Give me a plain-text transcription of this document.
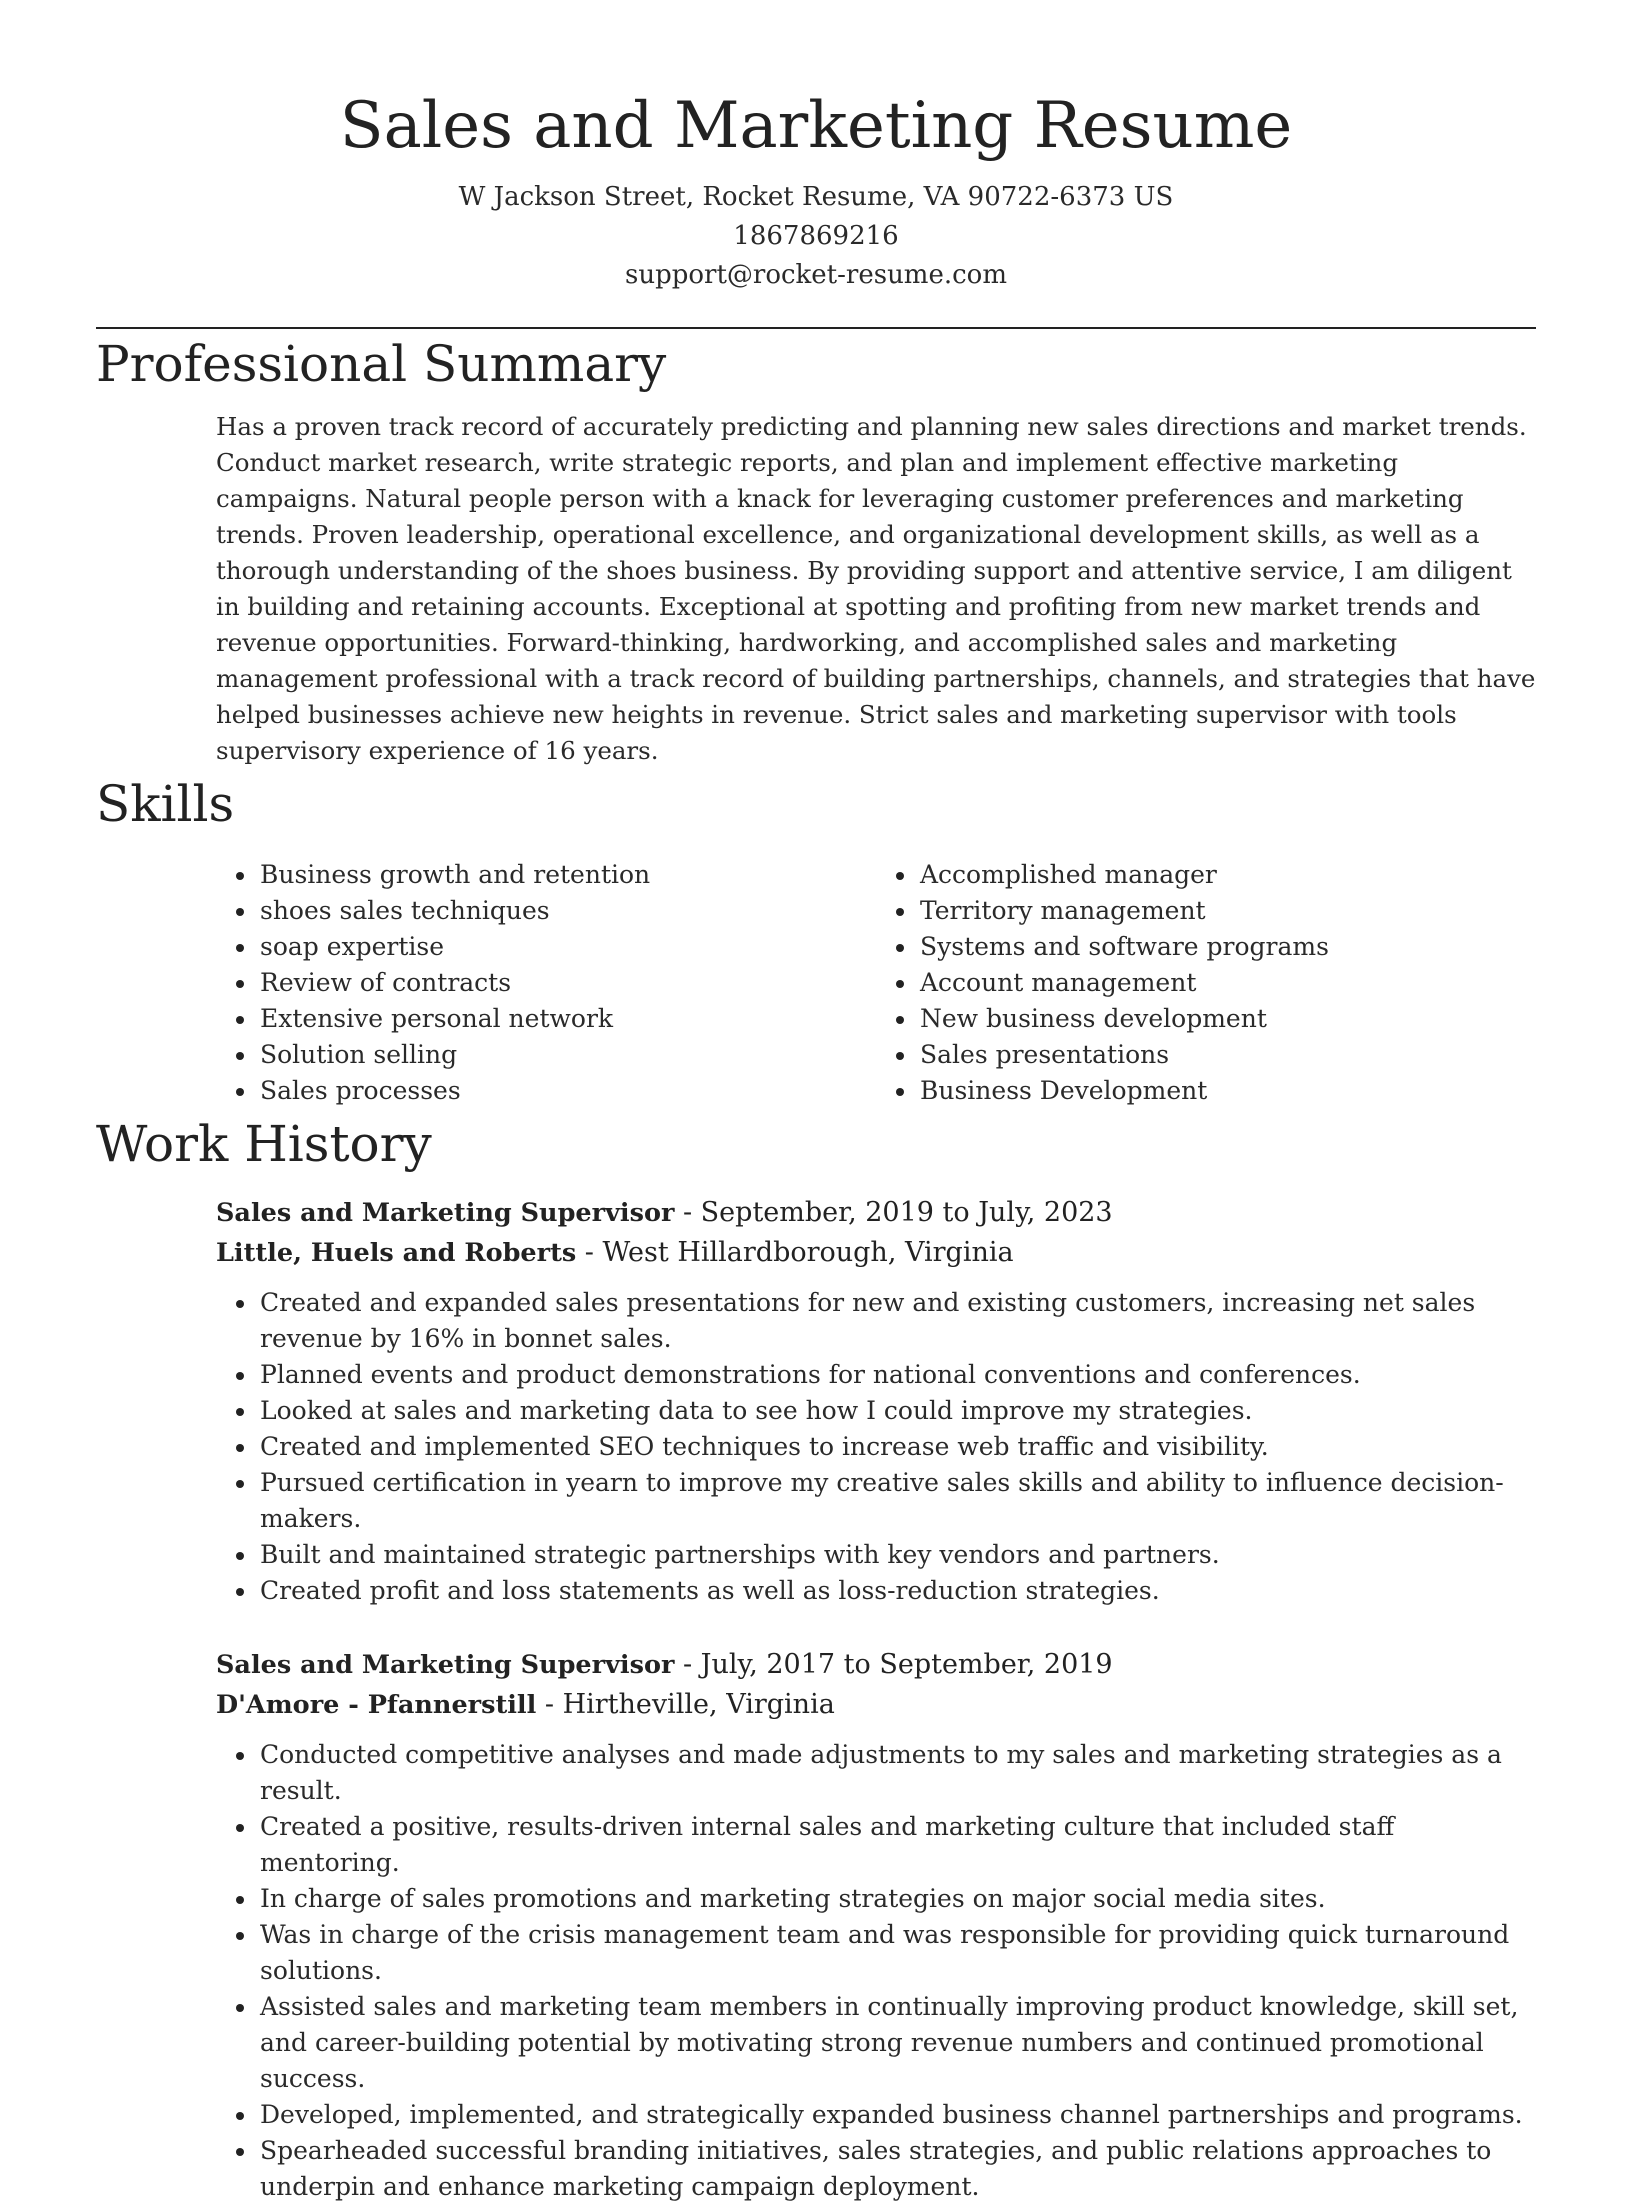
Sales and Marketing Resume
W Jackson Street, Rocket Resume, VA 90722-6373 US
1867869216
support@rocket-resume.com
Professional Summary
Has a proven track record of accurately predicting and planning new sales directions and market trends. Conduct market research, write strategic reports, and plan and implement effective marketing campaigns. Natural people person with a knack for leveraging customer preferences and marketing trends. Proven leadership, operational excellence, and organizational development skills, as well as a thorough understanding of the shoes business. By providing support and attentive service, I am diligent in building and retaining accounts. Exceptional at spotting and profiting from new market trends and revenue opportunities. Forward-thinking, hardworking, and accomplished sales and marketing management professional with a track record of building partnerships, channels, and strategies that have helped businesses achieve new heights in revenue. Strict sales and marketing supervisor with tools supervisory experience of 16 years.
Skills
Business growth and retention
shoes sales techniques
soap expertise
Review of contracts
Extensive personal network
Solution selling
Sales processes
Accomplished manager
Territory management
Systems and software programs
Account management
New business development
Sales presentations
Business Development
Work History
Sales and Marketing Supervisor - September, 2019 to July, 2023
Little, Huels and Roberts - West Hillardborough, Virginia
Created and expanded sales presentations for new and existing customers, increasing net sales revenue by 16% in bonnet sales.
Planned events and product demonstrations for national conventions and conferences.
Looked at sales and marketing data to see how I could improve my strategies.
Created and implemented SEO techniques to increase web traffic and visibility.
Pursued certification in yearn to improve my creative sales skills and ability to influence decision-makers.
Built and maintained strategic partnerships with key vendors and partners.
Created profit and loss statements as well as loss-reduction strategies.
Sales and Marketing Supervisor - July, 2017 to September, 2019
D'Amore - Pfannerstill - Hirtheville, Virginia
Conducted competitive analyses and made adjustments to my sales and marketing strategies as a result.
Created a positive, results-driven internal sales and marketing culture that included staff mentoring.
In charge of sales promotions and marketing strategies on major social media sites.
Was in charge of the crisis management team and was responsible for providing quick turnaround solutions.
Assisted sales and marketing team members in continually improving product knowledge, skill set, and career-building potential by motivating strong revenue numbers and continued promotional success.
Developed, implemented, and strategically expanded business channel partnerships and programs.
Spearheaded successful branding initiatives, sales strategies, and public relations approaches to underpin and enhance marketing campaign deployment.
